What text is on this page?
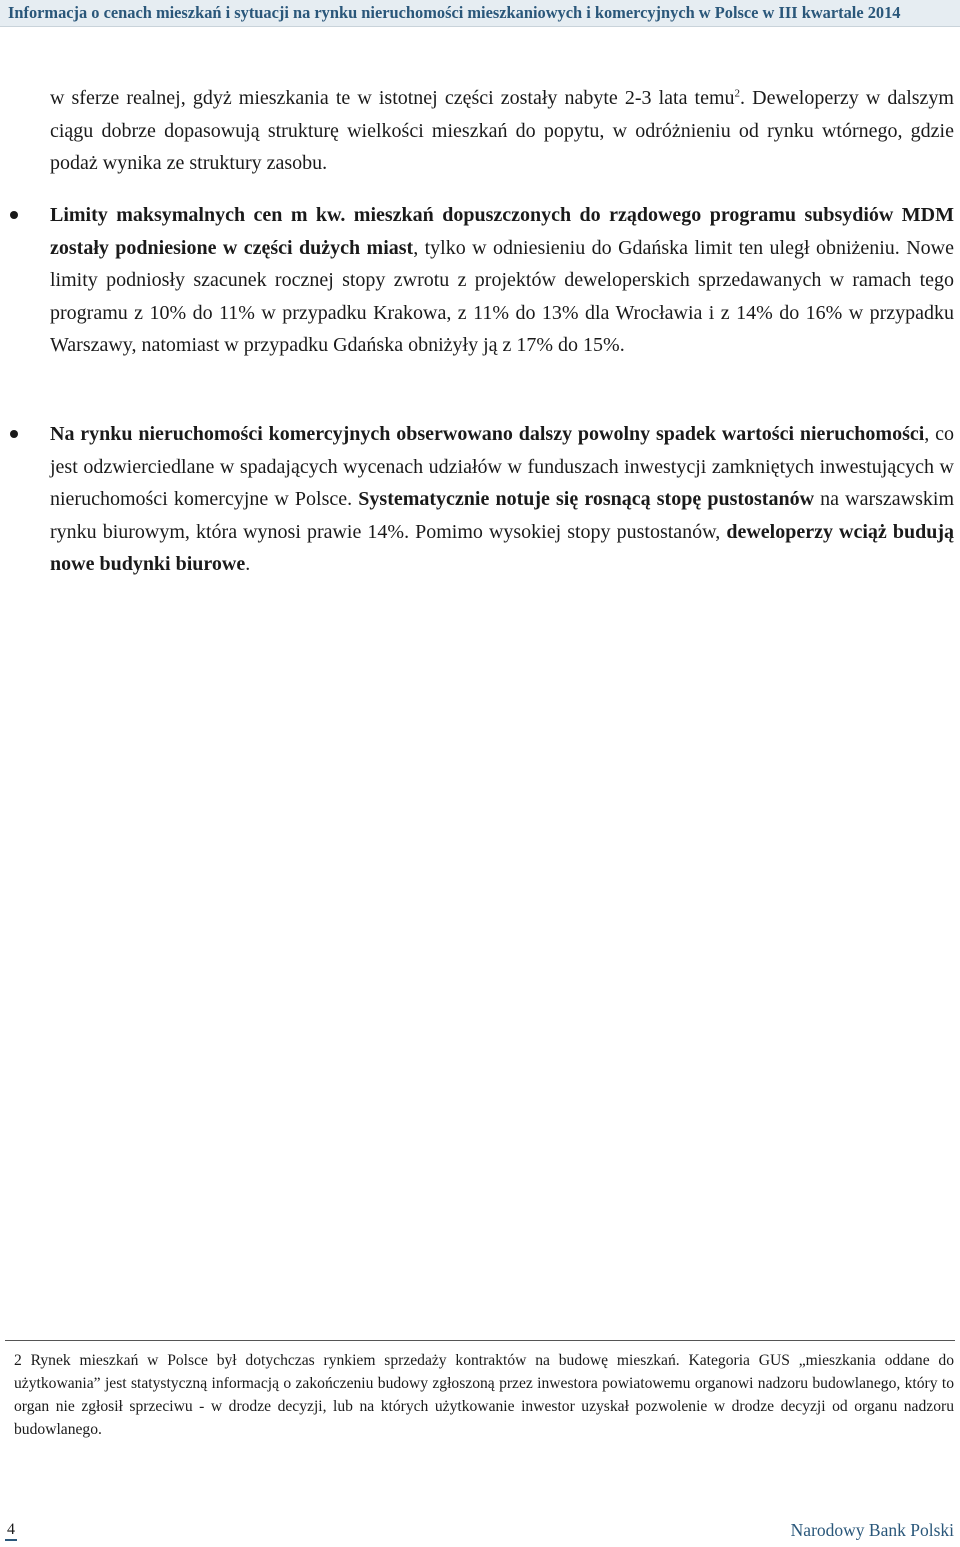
Informacja o cenach mieszkań i sytuacji na rynku nieruchomości mieszkaniowych i komercyjnych w Polsce w III kwartale 2014

w sferze realnej, gdyż mieszkania te w istotnej części zostały nabyte 2-3 lata temu$^2$. Deweloperzy w dalszym ciągu dobrze dopasowują strukturę wielkości mieszkań do popytu, w odróżnieniu od rynku wtórnego, gdzie podaż wynika ze struktury zasobu.

Limity maksymalnych cen m kw. mieszkań dopuszczonych do rządowego programu subsydiów MDM zostały podniesione w części dużych miast, tylko w odniesieniu do Gdańska limit ten uległ obniżeniu. Nowe limity podniosły szacunek rocznej stopy zwrotu z projektów deweloperskich sprzedawanych w ramach tego programu z 10% do 11% w przypadku Krakowa, z 11% do 13% dla Wrocławia i z 14% do 16% w przypadku Warszawy, natomiast w przypadku Gdańska obniżyły ją z 17% do 15%.

Na rynku nieruchomości komercyjnych obserwowano dalszy powolny spadek wartości nieruchomości, co jest odzwierciedlane w spadających wycenach udziałów w funduszach inwestycji zamkniętych inwestujących w nieruchomości komercyjne w Polsce. Systematycznie notuje się rosnącą stopę pustostanów na warszawskim rynku biurowym, która wynosi prawie 14%. Pomimo wysokiej stopy pustostanów, deweloperzy wciąż budują nowe budynki biurowe.

2 Rynek mieszkań w Polsce był dotychczas rynkiem sprzedaży kontraktów na budowę mieszkań. Kategoria GUS „mieszkania oddane do użytkowania” jest statystyczną informacją o zakończeniu budowy zgłoszoną przez inwestora powiatowemu organowi nadzoru budowlanego, który to organ nie zgłosił sprzeciwu - w drodze decyzji, lub na których użytkowanie inwestor uzyskał pozwolenie w drodze decyzji od organu nadzoru budowlanego.

4	Narodowy Bank Polski
